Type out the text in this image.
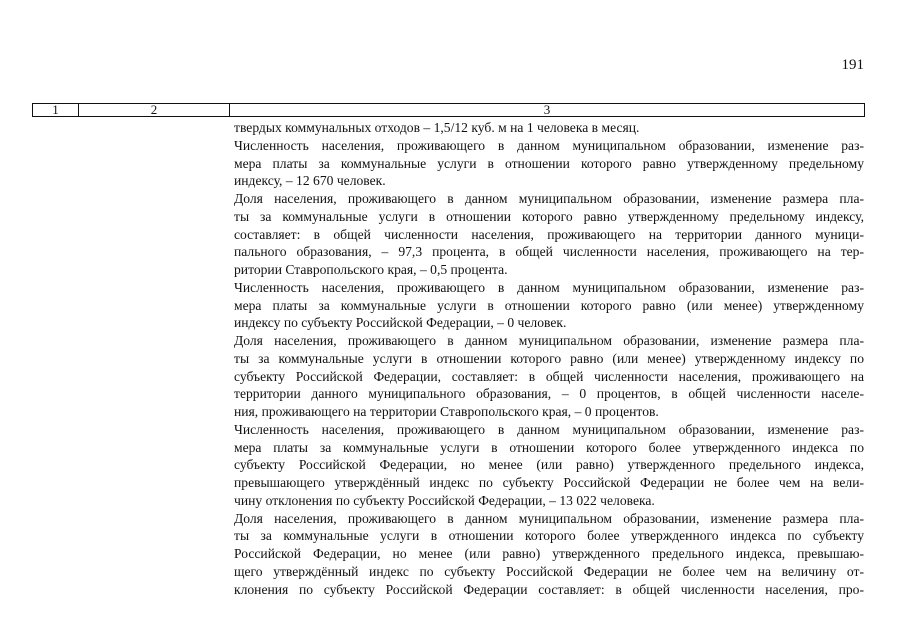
191
1	2	3
твердых коммунальных отходов – 1,5/12 куб. м на 1 человека в месяц.
Численность населения, проживающего в данном муниципальном образовании, изменение раз-
мера платы за коммунальные услуги в отношении которого равно утвержденному предельному
индексу, – 12 670 человек.
Доля населения, проживающего в данном муниципальном образовании, изменение размера пла-
ты за коммунальные услуги в отношении которого равно утвержденному предельному индексу,
составляет: в общей численности населения, проживающего на территории данного муници-
пального образования, – 97,3 процента, в общей численности населения, проживающего на тер-
ритории Ставропольского края, – 0,5 процента.
Численность населения, проживающего в данном муниципальном образовании, изменение раз-
мера платы за коммунальные услуги в отношении которого равно (или менее) утвержденному
индексу по субъекту Российской Федерации, – 0 человек.
Доля населения, проживающего в данном муниципальном образовании, изменение размера пла-
ты за коммунальные услуги в отношении которого равно (или менее) утвержденному индексу по
субъекту Российской Федерации, составляет: в общей численности населения, проживающего на
территории данного муниципального образования, – 0 процентов, в общей численности населе-
ния, проживающего на территории Ставропольского края, – 0 процентов.
Численность населения, проживающего в данном муниципальном образовании, изменение раз-
мера платы за коммунальные услуги в отношении которого более утвержденного индекса по
субъекту Российской Федерации, но менее (или равно) утвержденного предельного индекса,
превышающего утверждённый индекс по субъекту Российской Федерации не более чем на вели-
чину отклонения по субъекту Российской Федерации, – 13 022 человека.
Доля населения, проживающего в данном муниципальном образовании, изменение размера пла-
ты за коммунальные услуги в отношении которого более утвержденного индекса по субъекту
Российской Федерации, но менее (или равно) утвержденного предельного индекса, превышаю-
щего утверждённый индекс по субъекту Российской Федерации не более чем на величину от-
клонения по субъекту Российской Федерации составляет: в общей численности населения, про-
